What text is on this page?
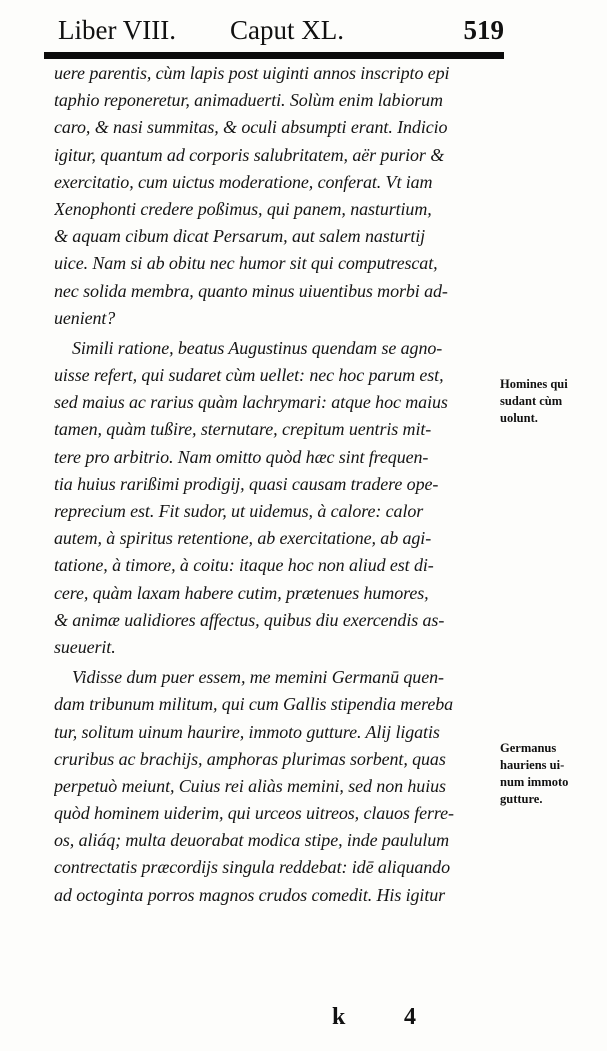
Liber VIII. Caput XL.	519
uere parentis, cùm lapis post uiginti annos inscripto epi
taphio reponeretur, animaduerti. Solùm enim labiorum
caro, & nasi summitas, & oculi absumpti erant. Indicio
igitur, quantum ad corporis salubritatem, aër purior &
exercitatio, cum uictus moderatione, conferat. Vt iam
Xenophonti credere poßimus, qui panem, nasturtium,
& aquam cibum dicat Persarum, aut salem nasturtij
uice. Nam si ab obitu nec humor sit qui computrescat,
nec solida membra, quanto minus uiuentibus morbi ad-
uenient?
Simili ratione, beatus Augustinus quendam se agno-
uisse refert, qui sudaret cùm uellet: nec hoc parum est,
sed maius ac rarius quàm lachrymari: atque hoc maius
tamen, quàm tußire, sternutare, crepitum uentris mit-
tere pro arbitrio. Nam omitto quòd hæc sint frequen-
tia huius rarißimi prodigij, quasi causam tradere ope-
reprecium est. Fit sudor, ut uidemus, à calore: calor
autem, à spiritus retentione, ab exercitatione, ab agi-
tatione, à timore, à coitu: itaque hoc non aliud est di-
cere, quàm laxam habere cutim, prætenues humores,
& animæ ualidiores affectus, quibus diu exercendis as-
sueuerit.
Vidisse dum puer essem, me memini Germanū quen-
dam tribunum militum, qui cum Gallis stipendia mereba
tur, solitum uinum haurire, immoto gutture. Alij ligatis
cruribus ac brachijs, amphoras plurimas sorbent, quas
perpetuò meiunt, Cuius rei aliàs memini, sed non huius
quòd hominem uiderim, qui urceos uitreos, clauos ferre-
os, aliáq; multa deuorabat modica stipe, inde paululum
contrectatis præcordijs singula reddebat: idē aliquando
ad octoginta porros magnos crudos comedit. His igitur
Homines qui
sudant cùm
uolunt.
Germanus
hauriens ui-
num immoto
gutture.
k 4
